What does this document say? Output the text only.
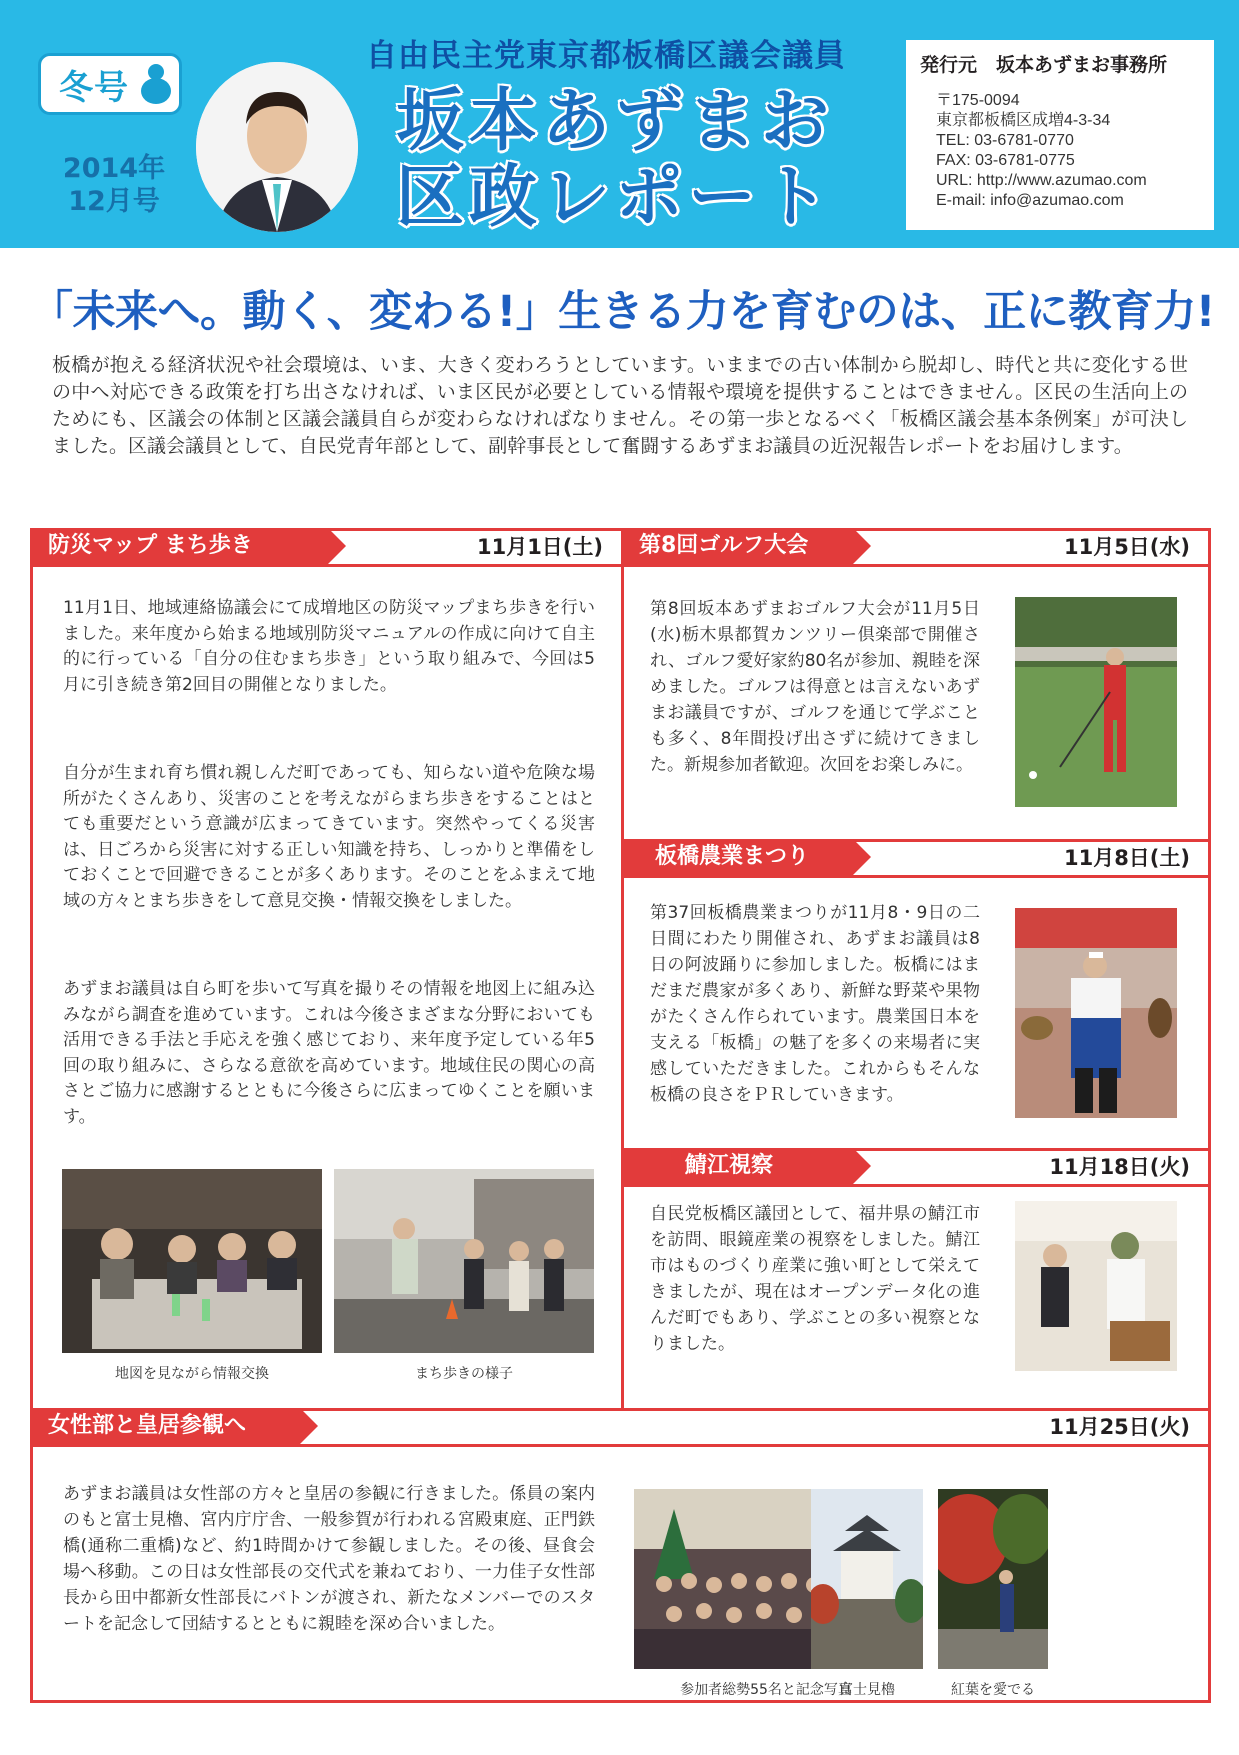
冬号
2014年
12月号
自由民主党東京都板橋区議会議員
坂本あずまお
区政レポート
発行元　坂本あずまお事務所
〒175-0094
東京都板橋区成増4-3-34
TEL: 03-6781-0770
FAX: 03-6781-0775
URL: http://www.azumao.com
E-mail: info@azumao.com
「未来へ。動く、変わる!」生きる力を育むのは、正に教育力!
板橋が抱える経済状況や社会環境は、いま、大きく変わろうとしています。いままでの古い体制から脱却し、時代と共に変化する世の中へ対応できる政策を打ち出さなければ、いま区民が必要としている情報や環境を提供することはできません。区民の生活向上のためにも、区議会の体制と区議会議員自らが変わらなければなりません。その第一歩となるべく「板橋区議会基本条例案」が可決しました。区議会議員として、自民党青年部として、副幹事長として奮闘するあずまお議員の近況報告レポートをお届けします。
防災マップ まち歩き	11月1日(土)
11月1日、地域連絡協議会にて成増地区の防災マップまち歩きを行いました。来年度から始まる地域別防災マニュアルの作成に向けて自主的に行っている「自分の住むまち歩き」という取り組みで、今回は5月に引き続き第2回目の開催となりました。
自分が生まれ育ち慣れ親しんだ町であっても、知らない道や危険な場所がたくさんあり、災害のことを考えながらまち歩きをすることはとても重要だという意識が広まってきています。突然やってくる災害は、日ごろから災害に対する正しい知識を持ち、しっかりと準備をしておくことで回避できることが多くあります。そのことをふまえて地域の方々とまち歩きをして意見交換・情報交換をしました。
あずまお議員は自ら町を歩いて写真を撮りその情報を地図上に組み込みながら調査を進めています。これは今後さまざまな分野においても活用できる手法と手応えを強く感じており、来年度予定している年5回の取り組みに、さらなる意欲を高めています。地域住民の関心の高さとご協力に感謝するとともに今後さらに広まってゆくことを願います。
地図を見ながら情報交換	まち歩きの様子
第8回ゴルフ大会	11月5日(水)
第8回坂本あずまおゴルフ大会が11月5日(水)栃木県都賀カンツリー倶楽部で開催され、ゴルフ愛好家約80名が参加、親睦を深めました。ゴルフは得意とは言えないあずまお議員ですが、ゴルフを通じて学ぶことも多く、8年間投げ出さずに続けてきました。新規参加者歓迎。次回をお楽しみに。
板橋農業まつり	11月8日(土)
第37回板橋農業まつりが11月8・9日の二日間にわたり開催され、あずまお議員は8日の阿波踊りに参加しました。板橋にはまだまだ農家が多くあり、新鮮な野菜や果物がたくさん作られています。農業国日本を支える「板橋」の魅了を多くの来場者に実感していただきました。これからもそんな板橋の良さをＰＲしていきます。
鯖江視察	11月18日(火)
自民党板橋区議団として、福井県の鯖江市を訪問、眼鏡産業の視察をしました。鯖江市はものづくり産業に強い町として栄えてきましたが、現在はオープンデータ化の進んだ町でもあり、学ぶことの多い視察となりました。
女性部と皇居参観へ	11月25日(火)
あずまお議員は女性部の方々と皇居の参観に行きました。係員の案内のもと富士見櫓、宮内庁庁舎、一般参賀が行われる宮殿東庭、正門鉄橋(通称二重橋)など、約1時間かけて参観しました。その後、昼食会場へ移動。この日は女性部長の交代式を兼ねており、一力佳子女性部長から田中都新女性部長にバトンが渡され、新たなメンバーでのスタートを記念して団結するとともに親睦を深め合いました。
参加者総勢55名と記念写真
富士見櫓	紅葉を愛でる
